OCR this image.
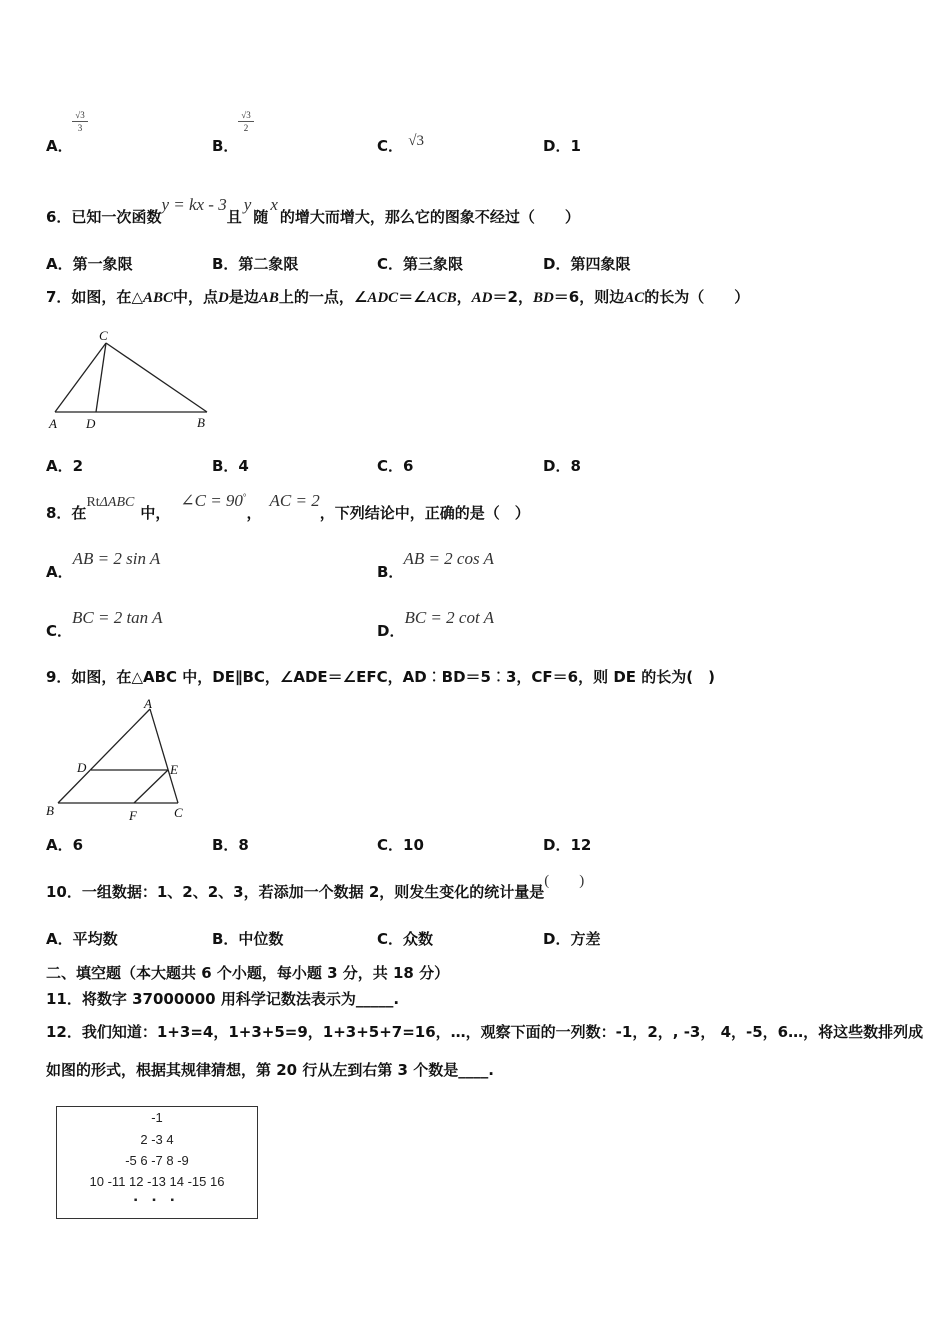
A．
√3
3
B．
√3
2
C． √3	D．1
6．已知一次函数y = kx - 3且y随x的增大而增大，那么它的图象不经过（　　）
A．第一象限	B．第二象限	C．第三象限	D．第四象限
7．如图，在△ABC中，点D是边AB上的一点，∠ADC＝∠ACB，AD＝2，BD＝6，则边AC的长为（　　）
C
A D	B
A．2	B．4	C．6	D．8
8．在RtΔABC中，∠C = 90°，AC = 2，下列结论中，正确的是（　）
A．AB = 2 sin A
B．AB = 2 cos A
C．BC = 2 tan A
D．BC = 2 cot A
9．如图，在△ABC 中，DE∥BC，∠ADE＝∠EFC，AD︰BD＝5︰3，CF＝6，则 DE 的长为(　)
A
D	E
B	F	C
A．6	B．8	C．10	D．12
10．一组数据：1、2、2、3，若添加一个数据 2，则发生变化的统计量是(　　)
A．平均数	B．中位数	C．众数	D．方差
二、填空题（本大题共 6 个小题，每小题 3 分，共 18 分）
11．将数字 37000000 用科学记数法表示为_____.
12．我们知道：1+3=4，1+3+5=9，1+3+5+7=16，…，观察下面的一列数：-1，2，, -3， 4，-5，6…，将这些数排列成
如图的形式，根据其规律猜想，第 20 行从左到右第 3 个数是____.
-1
2 -3 4
-5 6 -7 8 -9
10 -11 12 -13 14 -15 16
▪ ▪ ▪
